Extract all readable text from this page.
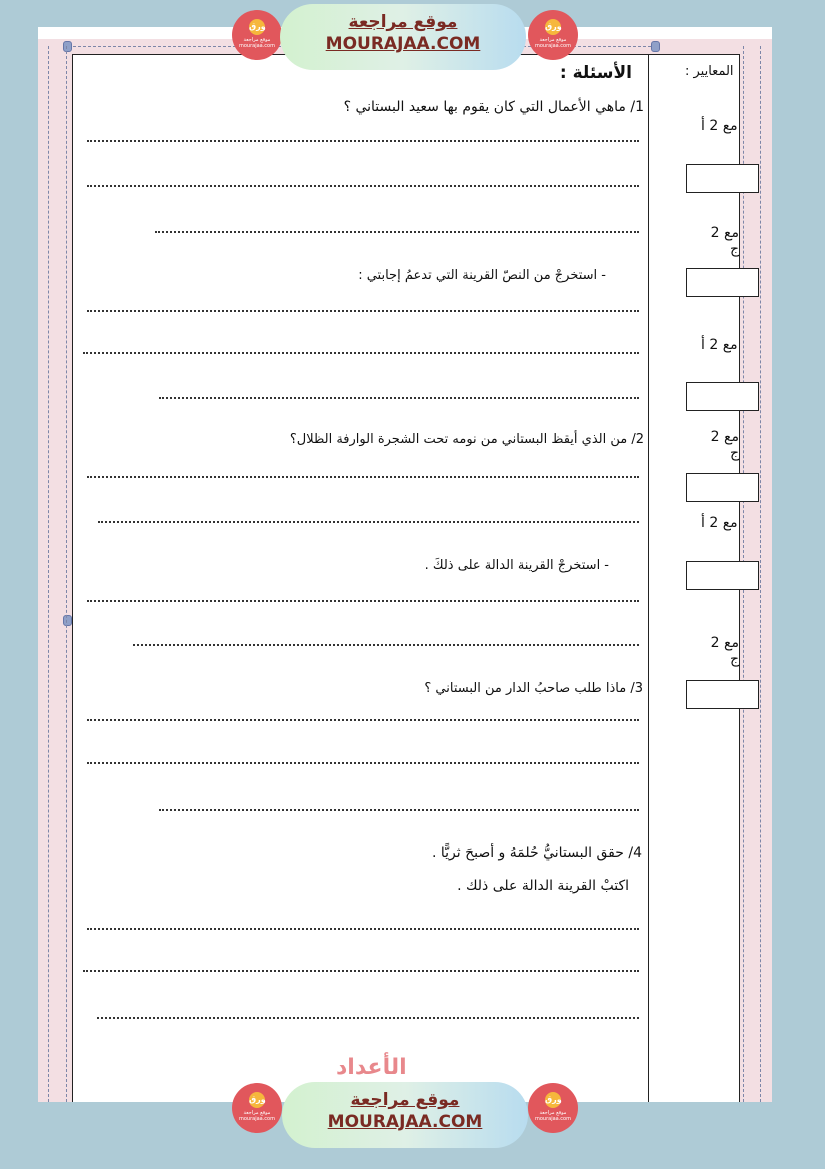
المعايير :
مع 2 أ
مع 2 ج
مع 2 أ
مع 2 ج
مع 2 أ
مع 2 ج
الأسئلة :
1/ ماهي الأعمال التي كان يقوم بها سعيد البستاني ؟
- استخرجْ من النصّ القرينة التي تدعمُ إجابتي :
2/ من الذي أيقظ البستاني من نومه تحت الشجرة الوارفة الظلال؟
- استخرجْ القرينة الدالة على ذلكَ .
3/ ماذا طلب صاحبُ الدار من البستاني ؟
4/ حقق البستانيُّ حُلمَهُ و أصبحَ ثريًّا .
اكتبْ القرينة الدالة على ذلك .
الأعداد
ورق
موقع مراجعة mourajaa.com
موقع مراجعة
MOURAJAA.COM
ورق
موقع مراجعة mourajaa.com
ورق
موقع مراجعة mourajaa.com
موقع مراجعة
MOURAJAA.COM
ورق
موقع مراجعة mourajaa.com
